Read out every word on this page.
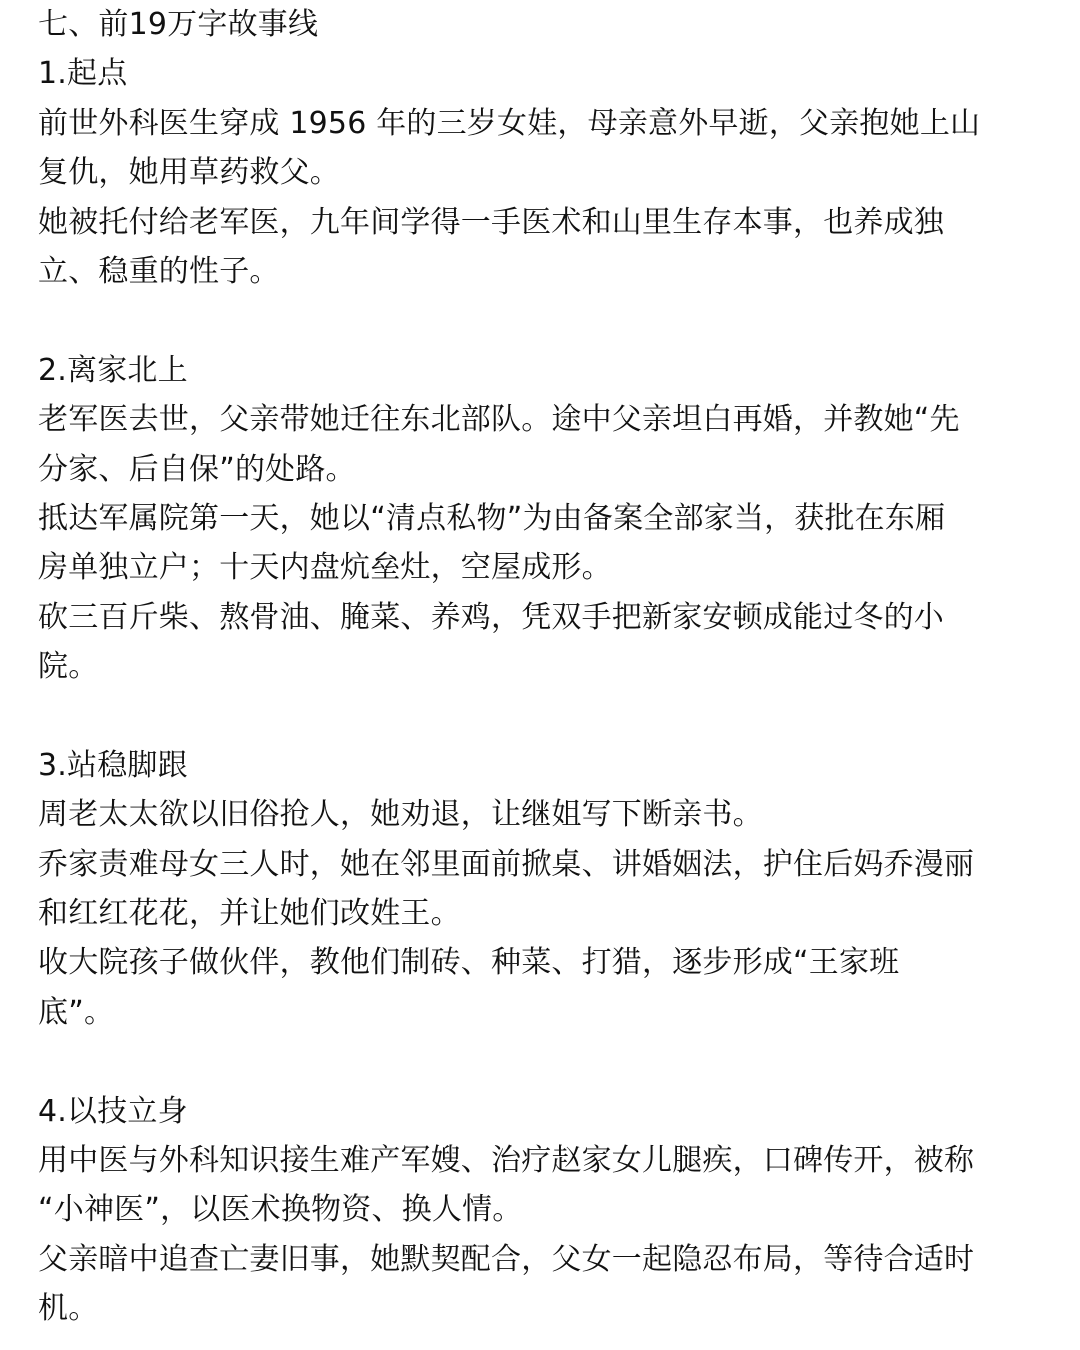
七、前19万字故事线
1.起点
前世外科医生穿成 1956 年的三岁女娃，母亲意外早逝，父亲抱她上山
复仇，她用草药救父。
她被托付给老军医，九年间学得一手医术和山里生存本事，也养成独
立、稳重的性子。
2.离家北上
老军医去世，父亲带她迁往东北部队。途中父亲坦白再婚，并教她“先
分家、后自保”的处路。
抵达军属院第一天，她以“清点私物”为由备案全部家当，获批在东厢
房单独立户；十天内盘炕垒灶，空屋成形。
砍三百斤柴、熬骨油、腌菜、养鸡，凭双手把新家安顿成能过冬的小
院。
3.站稳脚跟
周老太太欲以旧俗抢人，她劝退，让继姐写下断亲书。
乔家责难母女三人时，她在邻里面前掀桌、讲婚姻法，护住后妈乔漫丽
和红红花花，并让她们改姓王。
收大院孩子做伙伴，教他们制砖、种菜、打猎，逐步形成“王家班
底”。
4.以技立身
用中医与外科知识接生难产军嫂、治疗赵家女儿腿疾，口碑传开，被称
“小神医”，以医术换物资、换人情。
父亲暗中追查亡妻旧事，她默契配合，父女一起隐忍布局，等待合适时
机。
